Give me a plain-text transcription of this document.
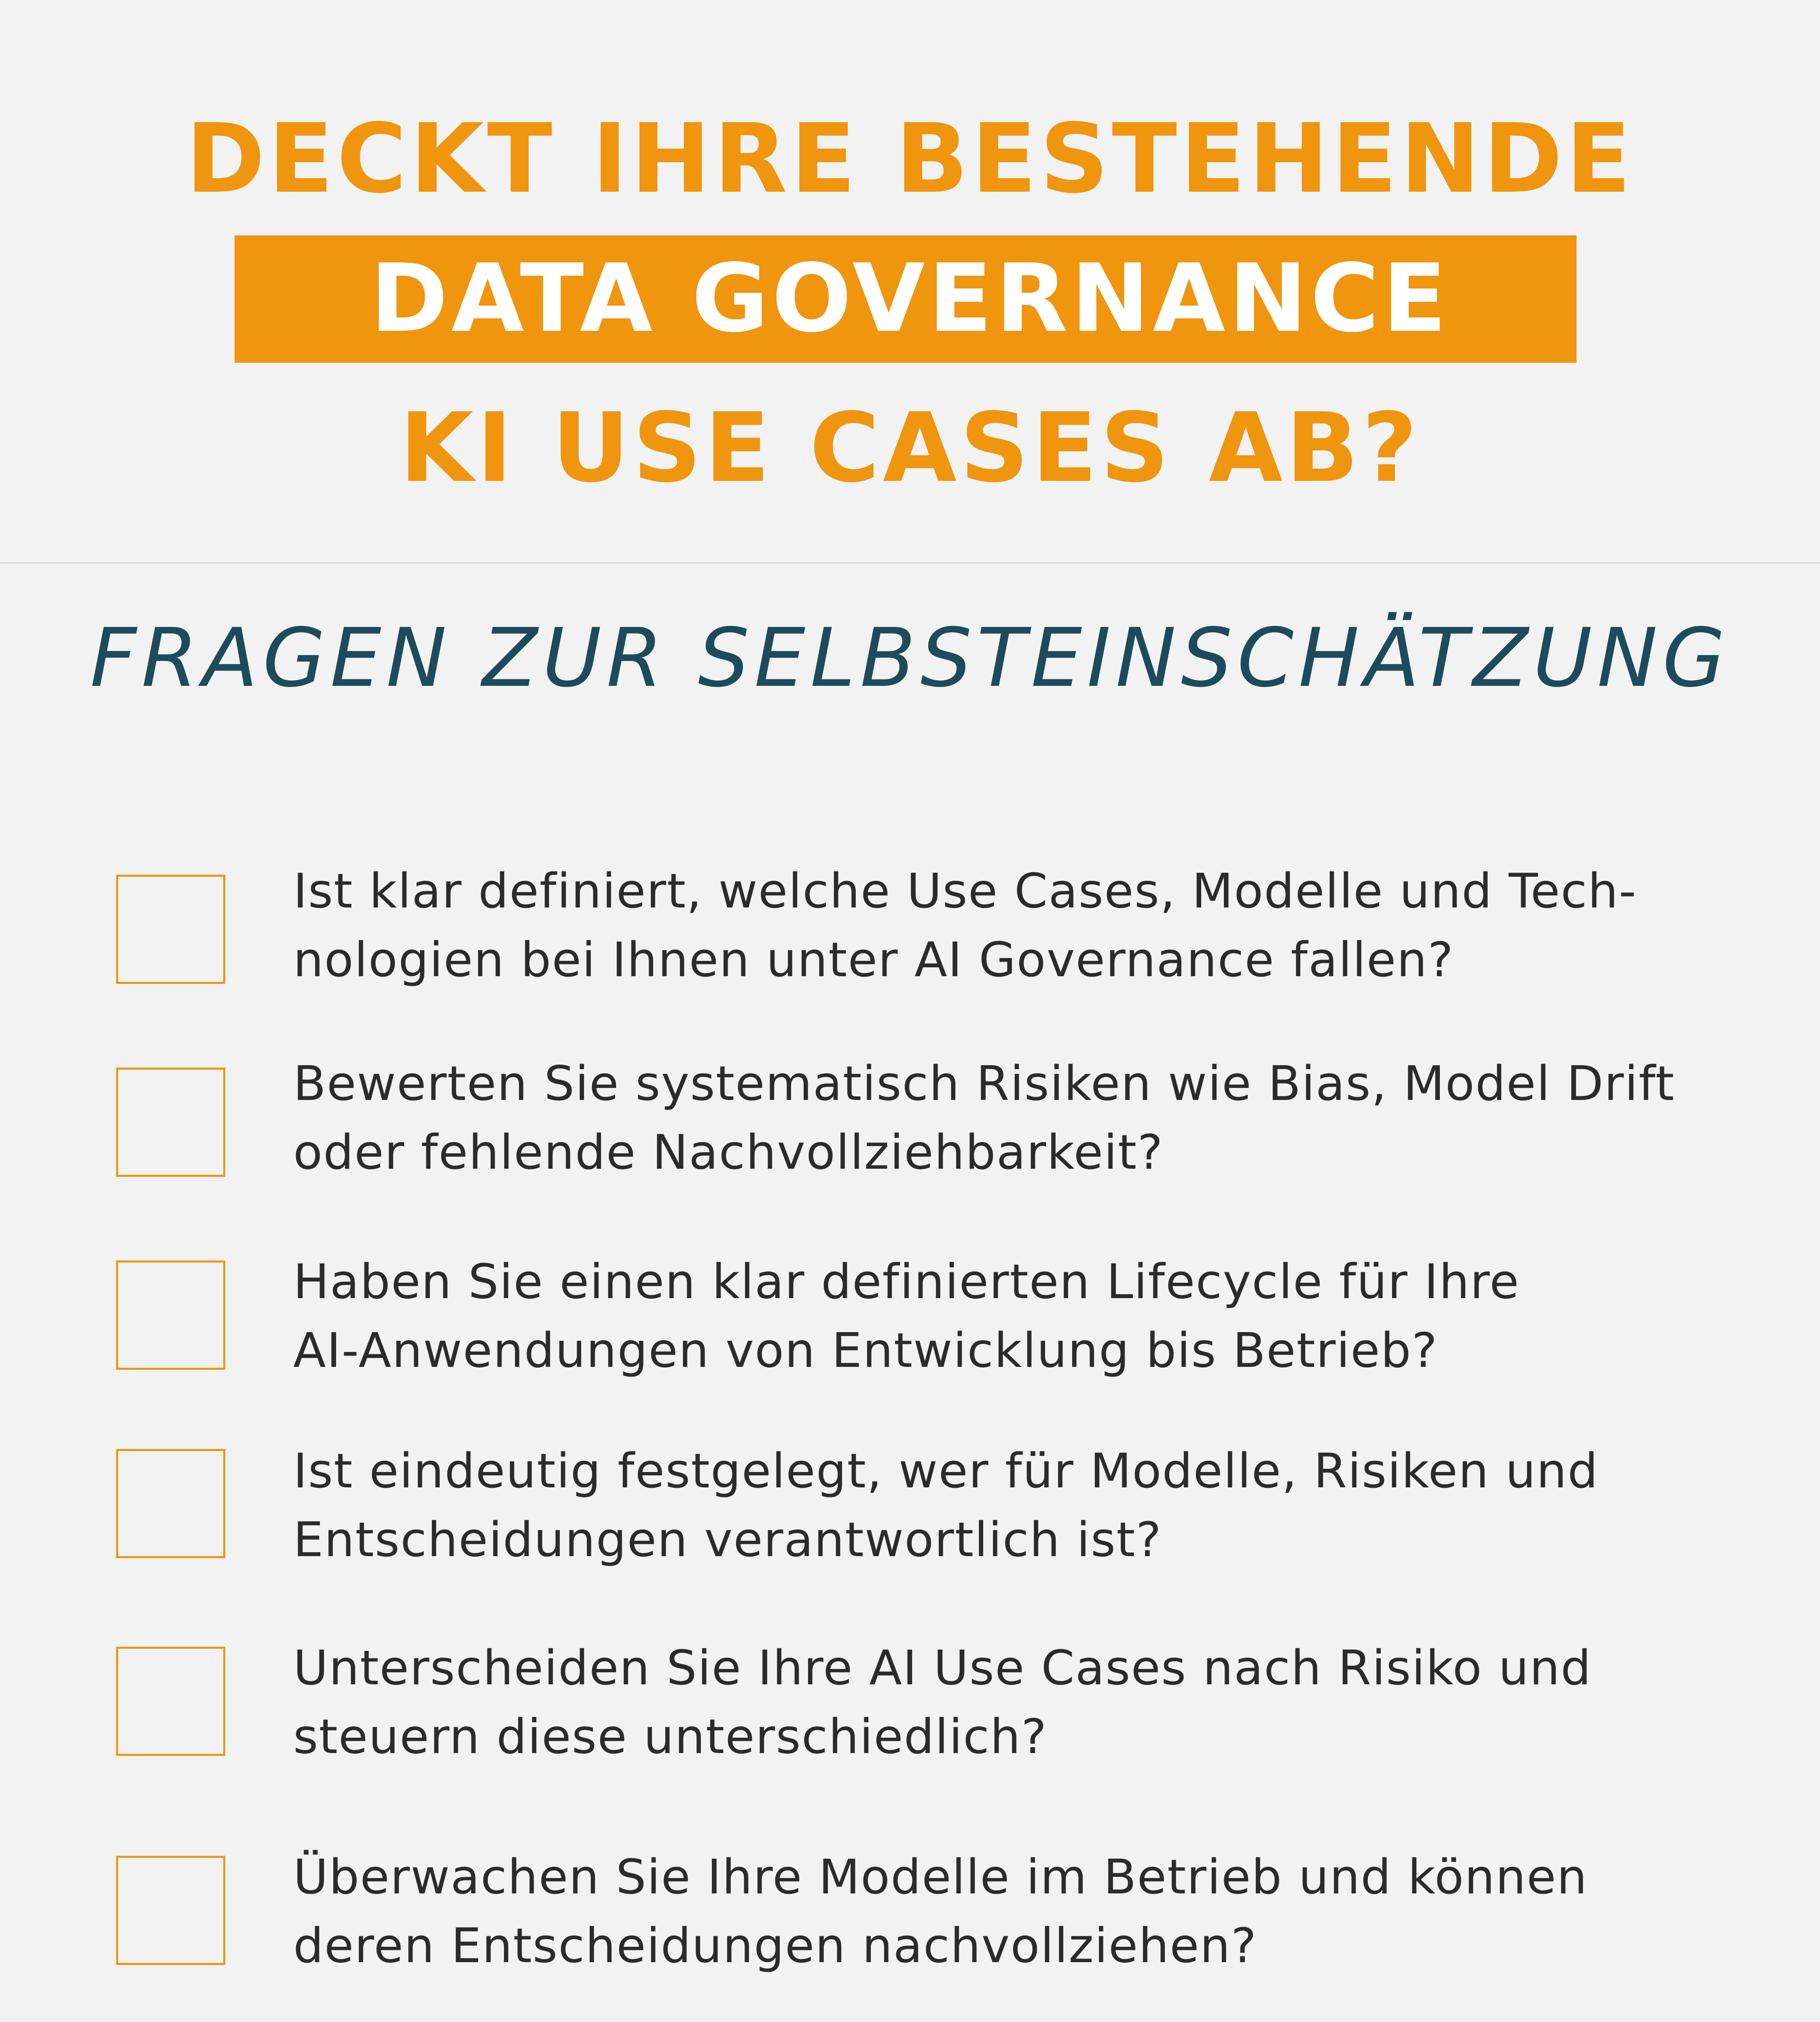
DECKT IHRE BESTEHENDE
DATA GOVERNANCE
KI USE CASES AB?
FRAGEN ZUR SELBSTEINSCHÄTZUNG
Ist klar definiert, welche Use Cases, Modelle und Tech-
nologien bei Ihnen unter AI Governance fallen?
Bewerten Sie systematisch Risiken wie Bias, Model Drift
oder fehlende Nachvollziehbarkeit?
Haben Sie einen klar definierten Lifecycle für Ihre
AI-Anwendungen von Entwicklung bis Betrieb?
Ist eindeutig festgelegt, wer für Modelle, Risiken und
Entscheidungen verantwortlich ist?
Unterscheiden Sie Ihre AI Use Cases nach Risiko und
steuern diese unterschiedlich?
Überwachen Sie Ihre Modelle im Betrieb und können
deren Entscheidungen nachvollziehen?
